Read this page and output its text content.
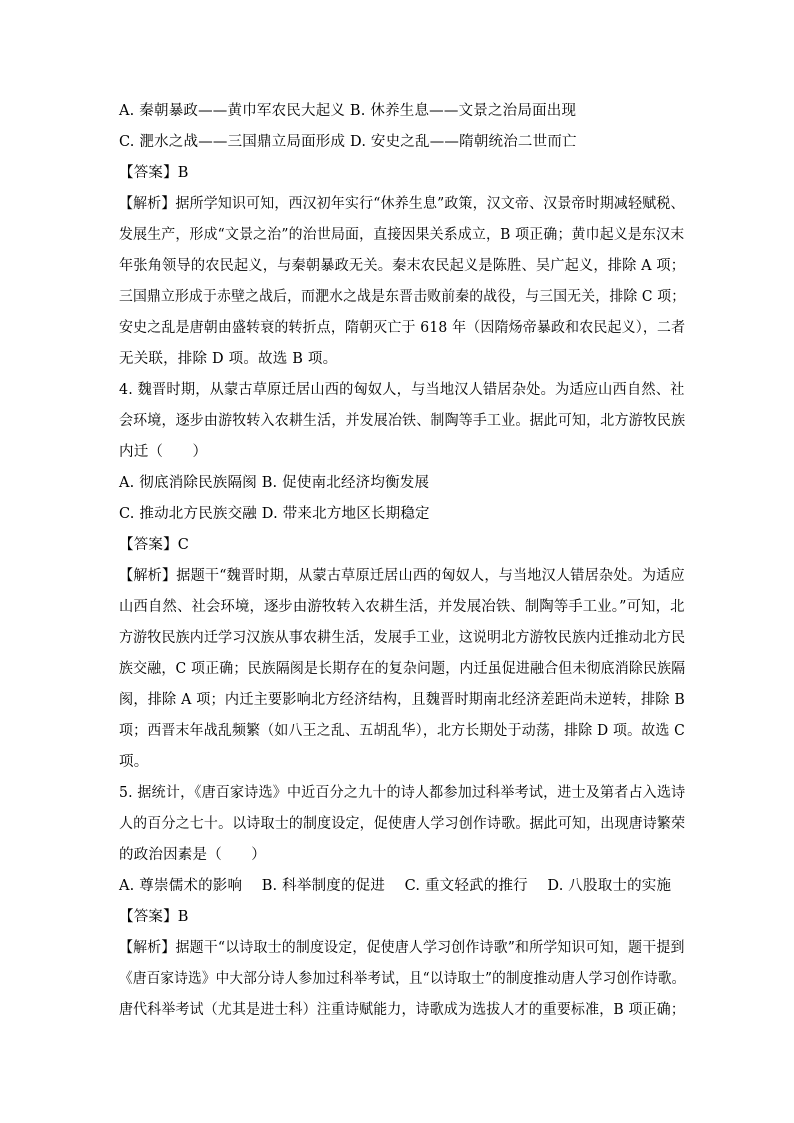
A. 秦朝暴政——黄巾军农民大起义 B. 休养生息——文景之治局面出现
C. 淝水之战——三国鼎立局面形成 D. 安史之乱——隋朝统治二世而亡
【答案】B
【解析】据所学知识可知，西汉初年实行“休养生息”政策，汉文帝、汉景帝时期减轻赋税、
发展生产，形成“文景之治”的治世局面，直接因果关系成立，B 项正确；黄巾起义是东汉末
年张角领导的农民起义，与秦朝暴政无关。秦末农民起义是陈胜、吴广起义，排除 A 项；
三国鼎立形成于赤壁之战后，而淝水之战是东晋击败前秦的战役，与三国无关，排除 C 项；
安史之乱是唐朝由盛转衰的转折点，隋朝灭亡于 618 年（因隋炀帝暴政和农民起义），二者
无关联，排除 D 项。故选 B 项。
4. 魏晋时期，从蒙古草原迁居山西的匈奴人，与当地汉人错居杂处。为适应山西自然、社
会环境，逐步由游牧转入农耕生活，并发展冶铁、制陶等手工业。据此可知，北方游牧民族
内迁（　　）
A. 彻底消除民族隔阂 B. 促使南北经济均衡发展
C. 推动北方民族交融 D. 带来北方地区长期稳定
【答案】C
【解析】据题干“魏晋时期，从蒙古草原迁居山西的匈奴人，与当地汉人错居杂处。为适应
山西自然、社会环境，逐步由游牧转入农耕生活，并发展冶铁、制陶等手工业。”可知，北
方游牧民族内迁学习汉族从事农耕生活，发展手工业，这说明北方游牧民族内迁推动北方民
族交融，C 项正确；民族隔阂是长期存在的复杂问题，内迁虽促进融合但未彻底消除民族隔
阂，排除 A 项；内迁主要影响北方经济结构，且魏晋时期南北经济差距尚未逆转，排除 B
项；西晋末年战乱频繁（如八王之乱、五胡乱华），北方长期处于动荡，排除 D 项。故选 C
项。
5. 据统计，《唐百家诗选》中近百分之九十的诗人都参加过科举考试，进士及第者占入选诗
人的百分之七十。以诗取士的制度设定，促使唐人学习创作诗歌。据此可知，出现唐诗繁荣
的政治因素是（　　）
A. 尊崇儒术的影响　 B. 科举制度的促进　 C. 重文轻武的推行　 D. 八股取士的实施
【答案】B
【解析】据题干“以诗取士的制度设定，促使唐人学习创作诗歌”和所学知识可知，题干提到
《唐百家诗选》中大部分诗人参加过科举考试，且“以诗取士”的制度推动唐人学习创作诗歌。
唐代科举考试（尤其是进士科）注重诗赋能力，诗歌成为选拔人才的重要标准，B 项正确；
